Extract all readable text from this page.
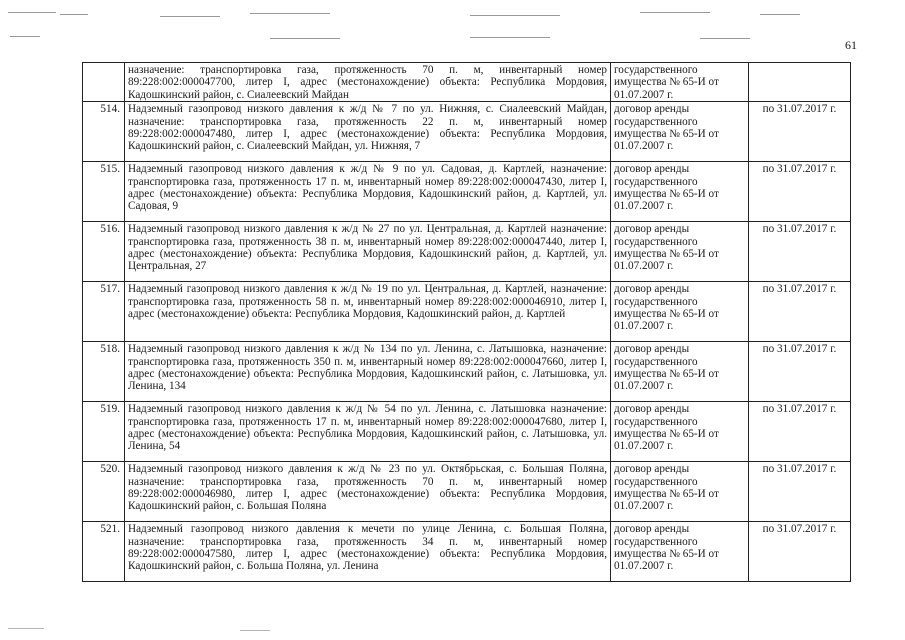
61
	назначение: транспортировка газа, протяженность 70 п. м, инвентарный номер 89:228:002:000047700, литер I, адрес (местонахождение) объекта: Республика Мордовия, Кадошкинский район, с. Сиалеевский Майдан	государственного имущества № 65-И от 01.07.2007 г.	
514.	Надземный газопровод низкого давления к ж/д № 7 по ул. Нижняя, с. Сиалеевский Майдан, назначение: транспортировка газа, протяженность 22 п. м, инвентарный номер 89:228:002:000047480, литер I, адрес (местонахождение) объекта: Республика Мордовия, Кадошкинский район, с. Сиалеевский Майдан, ул. Нижняя, 7	договор аренды государственного имущества № 65-И от 01.07.2007 г.	по 31.07.2017 г.
515.	Надземный газопровод низкого давления к ж/д № 9 по ул. Садовая, д. Картлей, назначение: транспортировка газа, протяженность 17 п. м, инвентарный номер 89:228:002:000047430, литер I, адрес (местонахождение) объекта: Республика Мордовия, Кадошкинский район, д. Картлей, ул. Садовая, 9	договор аренды государственного имущества № 65-И от 01.07.2007 г.	по 31.07.2017 г.
516.	Надземный газопровод низкого давления к ж/д № 27 по ул. Центральная, д. Картлей назначение: транспортировка газа, протяженность 38 п. м, инвентарный номер 89:228:002:000047440, литер I, адрес (местонахождение) объекта: Республика Мордовия, Кадошкинский район, д. Картлей, ул. Центральная, 27	договор аренды государственного имущества № 65-И от 01.07.2007 г.	по 31.07.2017 г.
517.	Надземный газопровод низкого давления к ж/д № 19 по ул. Центральная, д. Картлей, назначение: транспортировка газа, протяженность 58 п. м, инвентарный номер 89:228:002:000046910, литер I, адрес (местонахождение) объекта: Республика Мордовия, Кадошкинский район, д. Картлей	договор аренды государственного имущества № 65-И от 01.07.2007 г.	по 31.07.2017 г.
518.	Надземный газопровод низкого давления к ж/д № 134 по ул. Ленина, с. Латышовка, назначение: транспортировка газа, протяженность 350 п. м, инвентарный номер 89:228:002:000047660, литер I, адрес (местонахождение) объекта: Республика Мордовия, Кадошкинский район, с. Латышовка, ул. Ленина, 134	договор аренды государственного имущества № 65-И от 01.07.2007 г.	по 31.07.2017 г.
519.	Надземный газопровод низкого давления к ж/д № 54 по ул. Ленина, с. Латышовка назначение: транспортировка газа, протяженность 17 п. м, инвентарный номер 89:228:002:000047680, литер I, адрес (местонахождение) объекта: Республика Мордовия, Кадошкинский район, с. Латышовка, ул. Ленина, 54	договор аренды государственного имущества № 65-И от 01.07.2007 г.	по 31.07.2017 г.
520.	Надземный газопровод низкого давления к ж/д № 23 по ул. Октябрьская, с. Большая Поляна, назначение: транспортировка газа, протяженность 70 п. м, инвентарный номер 89:228:002:000046980, литер I, адрес (местонахождение) объекта: Республика Мордовия, Кадошкинский район, с. Большая Поляна	договор аренды государственного имущества № 65-И от 01.07.2007 г.	по 31.07.2017 г.
521.	Надземный газопровод низкого давления к мечети по улице Ленина, с. Большая Поляна, назначение: транспортировка газа, протяженность 34 п. м, инвентарный номер 89:228:002:000047580, литер I, адрес (местонахождение) объекта: Республика Мордовия, Кадошкинский район, с. Больша Поляна, ул. Ленина	договор аренды государственного имущества № 65-И от 01.07.2007 г.	по 31.07.2017 г.
